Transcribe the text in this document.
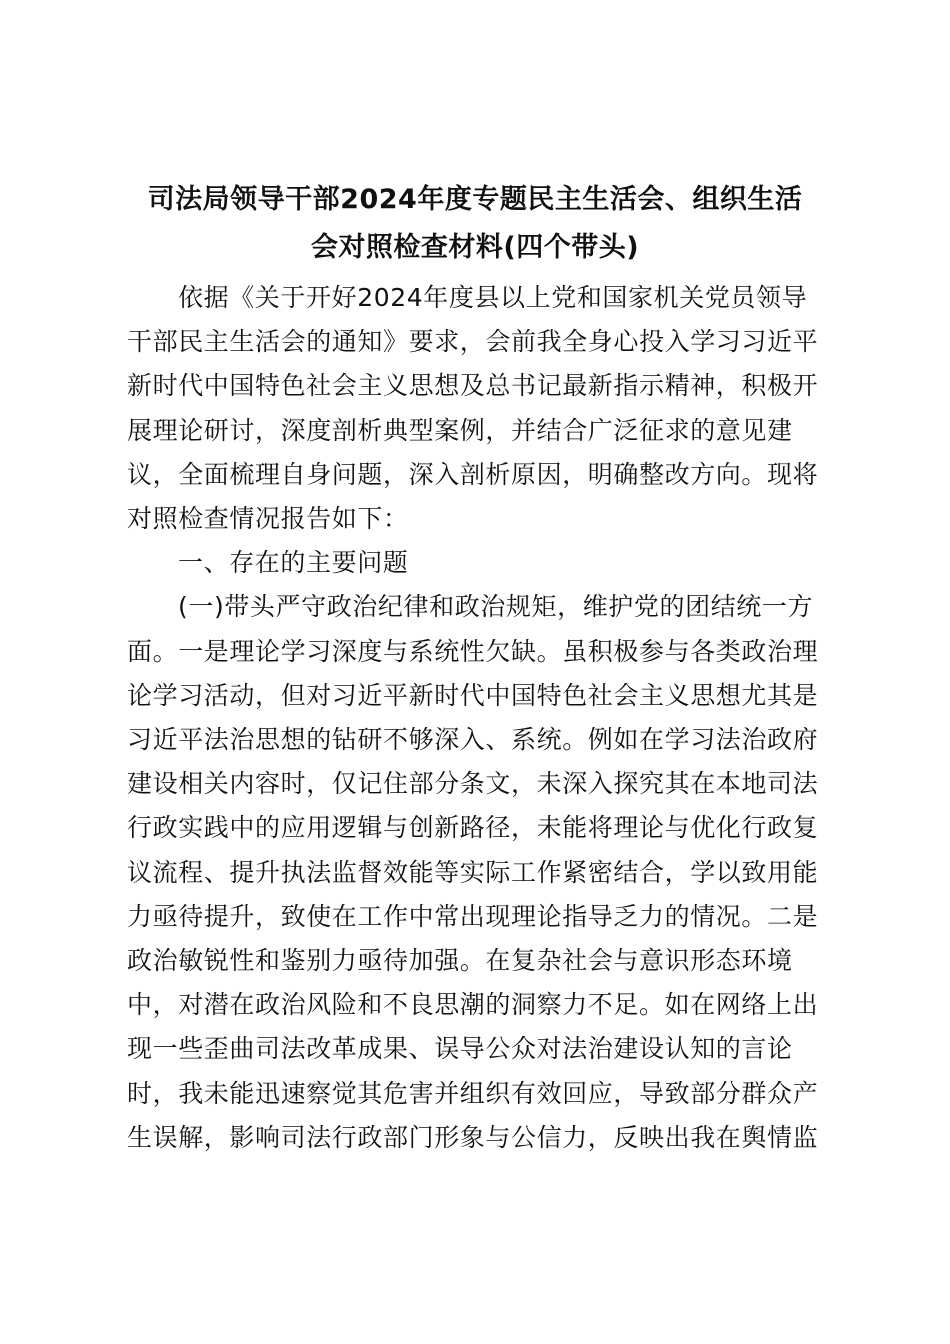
司法局领导干部2024年度专题民主生活会、组织生活
会对照检查材料(四个带头)

依据《关于开好2024年度县以上党和国家机关党员领导
干部民主生活会的通知》要求，会前我全身心投入学习习近平
新时代中国特色社会主义思想及总书记最新指示精神，积极开
展理论研讨，深度剖析典型案例，并结合广泛征求的意见建
议，全面梳理自身问题，深入剖析原因，明确整改方向。现将
对照检查情况报告如下：

一、存在的主要问题

(一)带头严守政治纪律和政治规矩，维护党的团结统一方
面。一是理论学习深度与系统性欠缺。虽积极参与各类政治理
论学习活动，但对习近平新时代中国特色社会主义思想尤其是
习近平法治思想的钻研不够深入、系统。例如在学习法治政府
建设相关内容时，仅记住部分条文，未深入探究其在本地司法
行政实践中的应用逻辑与创新路径，未能将理论与优化行政复
议流程、提升执法监督效能等实际工作紧密结合，学以致用能
力亟待提升，致使在工作中常出现理论指导乏力的情况。二是
政治敏锐性和鉴别力亟待加强。在复杂社会与意识形态环境
中，对潜在政治风险和不良思潮的洞察力不足。如在网络上出
现一些歪曲司法改革成果、误导公众对法治建设认知的言论
时，我未能迅速察觉其危害并组织有效回应，导致部分群众产
生误解，影响司法行政部门形象与公信力，反映出我在舆情监
